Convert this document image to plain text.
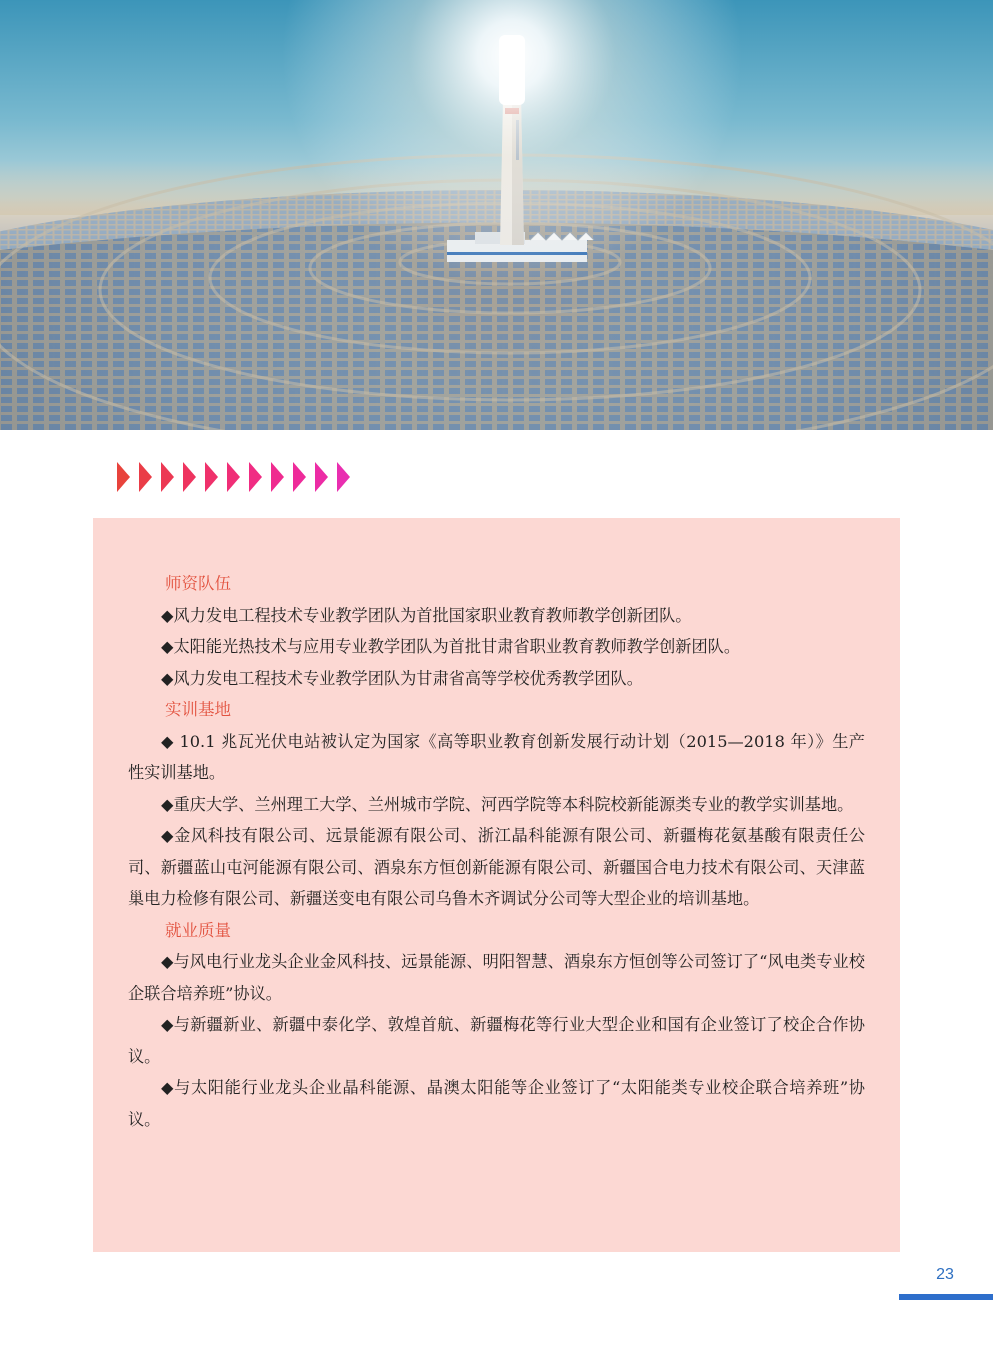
师资队伍

◆风力发电工程技术专业教学团队为首批国家职业教育教师教学创新团队。

◆太阳能光热技术与应用专业教学团队为首批甘肃省职业教育教师教学创新团队。

◆风力发电工程技术专业教学团队为甘肃省高等学校优秀教学团队。

实训基地

◆ 10.1 兆瓦光伏电站被认定为国家《高等职业教育创新发展行动计划（2015—2018 年）》生产性实训基地。

◆重庆大学、兰州理工大学、兰州城市学院、河西学院等本科院校新能源类专业的教学实训基地。

◆金风科技有限公司、远景能源有限公司、浙江晶科能源有限公司、新疆梅花氨基酸有限责任公司、新疆蓝山屯河能源有限公司、酒泉东方恒创新能源有限公司、新疆国合电力技术有限公司、天津蓝巢电力检修有限公司、新疆送变电有限公司乌鲁木齐调试分公司等大型企业的培训基地。

就业质量

◆与风电行业龙头企业金风科技、远景能源、明阳智慧、酒泉东方恒创等公司签订了“风电类专业校企联合培养班”协议。

◆与新疆新业、新疆中泰化学、敦煌首航、新疆梅花等行业大型企业和国有企业签订了校企合作协议。

◆与太阳能行业龙头企业晶科能源、晶澳太阳能等企业签订了“太阳能类专业校企联合培养班”协议。

23
